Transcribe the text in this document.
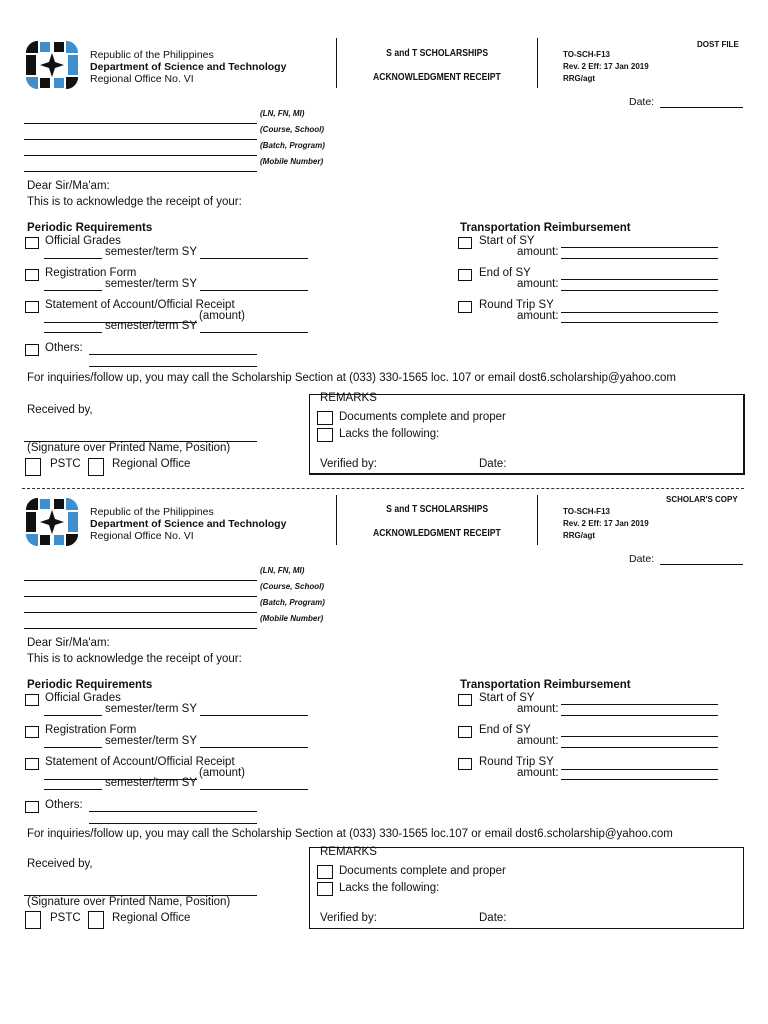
Republic of the Philippines
Department of Science and Technology
Regional Office No. VI
S and T SCHOLARSHIPS
ACKNOWLEDGMENT RECEIPT
DOST FILE
TO-SCH-F13
Rev. 2 Eff: 17 Jan 2019
RRG/agt
Date:
(LN, FN, MI)
(Course, School)
(Batch, Program)
(Mobile Number)
Dear Sir/Ma'am:
This is to acknowledge the receipt of your:
Periodic Requirements
Official Grades
semester/term SY
Registration Form
semester/term SY
Statement of Account/Official Receipt
(amount)
semester/term SY
Others:
Transportation Reimbursement
Start of SY
amount:
End of SY
amount:
Round Trip SY
amount:
For inquiries/follow up, you may call the Scholarship Section at (033) 330-1565 loc. 107 or email dost6.scholarship@yahoo.com
Received by,
(Signature over Printed Name, Position)
PSTC	Regional Office
REMARKS
Documents complete and proper
Lacks the following:
Verified by:	Date:
Republic of the Philippines
Department of Science and Technology
Regional Office No. VI
S and T SCHOLARSHIPS
ACKNOWLEDGMENT RECEIPT
SCHOLAR'S COPY
TO-SCH-F13
Rev. 2 Eff: 17 Jan 2019
RRG/agt
Date:
(LN, FN, MI)
(Course, School)
(Batch, Program)
(Mobile Number)
Dear Sir/Ma'am:
This is to acknowledge the receipt of your:
Periodic Requirements
Official Grades
semester/term SY
Registration Form
semester/term SY
Statement of Account/Official Receipt
(amount)
semester/term SY
Others:
Transportation Reimbursement
Start of SY
amount:
End of SY
amount:
Round Trip SY
amount:
For inquiries/follow up, you may call the Scholarship Section at (033) 330-1565 loc.107 or email dost6.scholarship@yahoo.com
Received by,
(Signature over Printed Name, Position)
PSTC	Regional Office
REMARKS
Documents complete and proper
Lacks the following:
Verified by:	Date:
